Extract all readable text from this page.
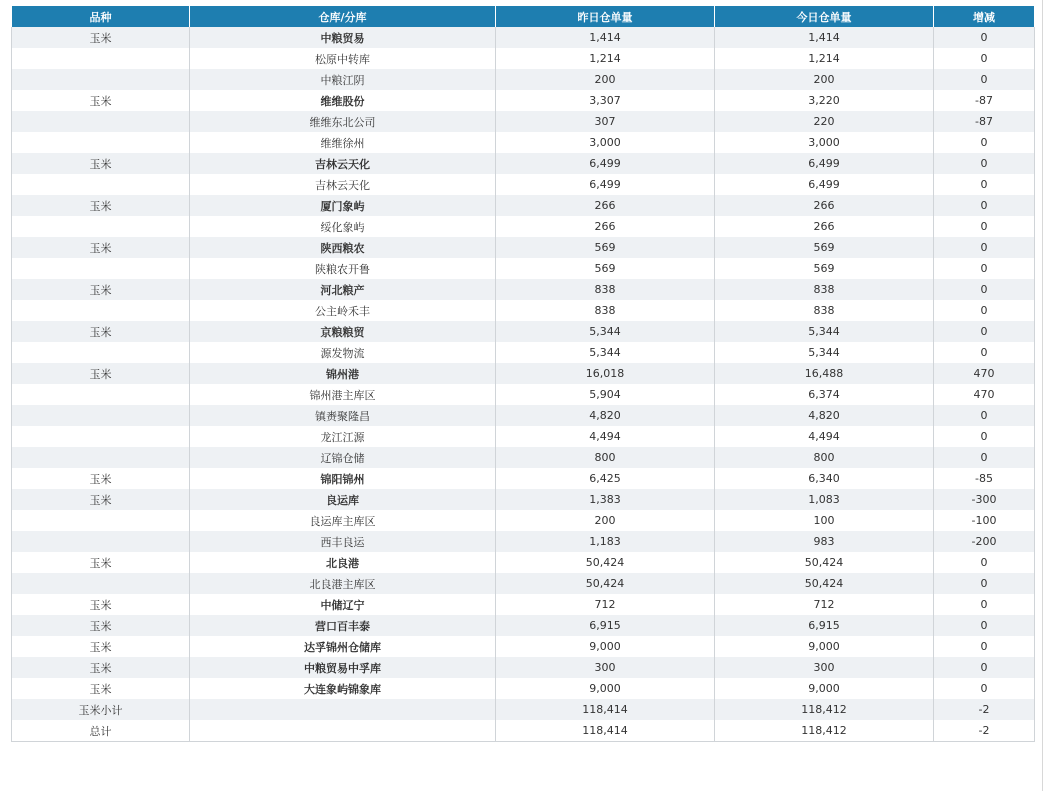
品种	仓库/分库	昨日仓单量	今日仓单量	增减
玉米	中粮贸易	1,414	1,414	0
	松原中转库	1,214	1,214	0
	中粮江阴	200	200	0
玉米	维维股份	3,307	3,220	-87
	维维东北公司	307	220	-87
	维维徐州	3,000	3,000	0
玉米	吉林云天化	6,499	6,499	0
	吉林云天化	6,499	6,499	0
玉米	厦门象屿	266	266	0
	绥化象屿	266	266	0
玉米	陕西粮农	569	569	0
	陕粮农开鲁	569	569	0
玉米	河北粮产	838	838	0
	公主岭禾丰	838	838	0
玉米	京粮粮贸	5,344	5,344	0
	源发物流	5,344	5,344	0
玉米	锦州港	16,018	16,488	470
	锦州港主库区	5,904	6,374	470
	镇赉聚隆昌	4,820	4,820	0
	龙江江源	4,494	4,494	0
	辽锦仓储	800	800	0
玉米	锦阳锦州	6,425	6,340	-85
玉米	良运库	1,383	1,083	-300
	良运库主库区	200	100	-100
	西丰良运	1,183	983	-200
玉米	北良港	50,424	50,424	0
	北良港主库区	50,424	50,424	0
玉米	中储辽宁	712	712	0
玉米	营口百丰泰	6,915	6,915	0
玉米	达孚锦州仓储库	9,000	9,000	0
玉米	中粮贸易中孚库	300	300	0
玉米	大连象屿锦象库	9,000	9,000	0
玉米小计		118,414	118,412	-2
总计		118,414	118,412	-2
